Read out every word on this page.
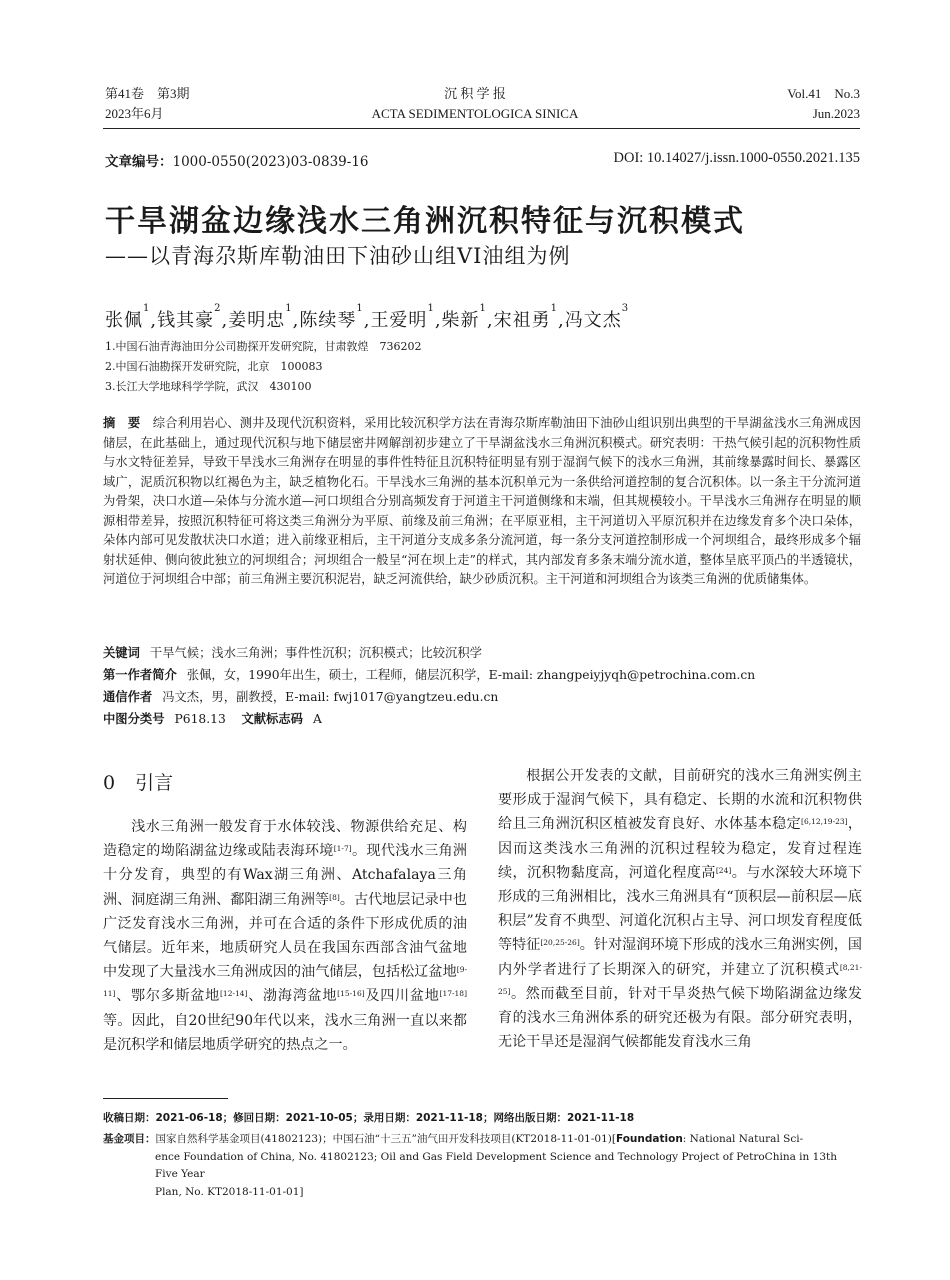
第41卷　第3期
2023年6月
沉 积 学 报
ACTA SEDIMENTOLOGICA SINICA
Vol.41　No.3
Jun.2023
文章编号：1000-0550(2023)03-0839-16	DOI: 10.14027/j.issn.1000-0550.2021.135
干旱湖盆边缘浅水三角洲沉积特征与沉积模式
——以青海尕斯库勒油田下油砂山组VI油组为例
张佩$^1$,钱其豪$^2$,姜明忠$^1$,陈续琴$^1$,王爱明$^1$,柴新$^1$,宋祖勇$^1$,冯文杰$^3$
1.中国石油青海油田分公司勘探开发研究院，甘肃敦煌　736202
2.中国石油勘探开发研究院，北京　100083
3.长江大学地球科学学院，武汉　430100
摘　要　 综合利用岩心、测井及现代沉积资料，采用比较沉积学方法在青海尕斯库勒油田下油砂山组识别出典型的干旱湖盆浅水三角洲成因储层，在此基础上，通过现代沉积与地下储层密井网解剖初步建立了干旱湖盆浅水三角洲沉积模式。研究表明：干热气候引起的沉积物性质与水文特征差异，导致干旱浅水三角洲存在明显的事件性特征且沉积特征明显有别于湿润气候下的浅水三角洲，其前缘暴露时间长、暴露区域广，泥质沉积物以红褐色为主，缺乏植物化石。干旱浅水三角洲的基本沉积单元为一条供给河道控制的复合沉积体。以一条主干分流河道为骨架，决口水道—朵体与分流水道—河口坝组合分别高频发育于河道主干河道侧缘和末端，但其规模较小。干旱浅水三角洲存在明显的顺源相带差异，按照沉积特征可将这类三角洲分为平原、前缘及前三角洲；在平原亚相，主干河道切入平原沉积并在边缘发育多个决口朵体，朵体内部可见发散状决口水道；进入前缘亚相后，主干河道分支成多条分流河道，每一条分支河道控制形成一个河坝组合，最终形成多个辐射状延伸、侧向彼此独立的河坝组合；河坝组合一般呈“河在坝上走”的样式，其内部发育多条末端分流水道，整体呈底平顶凸的半透镜状，河道位于河坝组合中部；前三角洲主要沉积泥岩，缺乏河流供给，缺少砂质沉积。主干河道和河坝组合为该类三角洲的优质储集体。
关键词 干旱气候；浅水三角洲；事件性沉积；沉积模式；比较沉积学
第一作者简介 张佩，女，1990年出生，硕士，工程师，储层沉积学，E-mail: zhangpeiyjyqh@petrochina.com.cn
通信作者 冯文杰，男，副教授，E-mail: fwj1017@yangtzeu.edu.cn
中图分类号 P618.13 文献标志码 A
0 引言
浅水三角洲一般发育于水体较浅、物源供给充足、构造稳定的坳陷湖盆边缘或陆表海环境[1-7]。现代浅水三角洲十分发育，典型的有Wax湖三角洲、Atchafalaya三角洲、洞庭湖三角洲、鄱阳湖三角洲等[8]。古代地层记录中也广泛发育浅水三角洲，并可在合适的条件下形成优质的油气储层。近年来，地质研究人员在我国东西部含油气盆地中发现了大量浅水三角洲成因的油气储层，包括松辽盆地[9-11]、鄂尔多斯盆地[12-14]、渤海湾盆地[15-16]及四川盆地[17-18]等。因此，自20世纪90年代以来，浅水三角洲一直以来都是沉积学和储层地质学研究的热点之一。
根据公开发表的文献，目前研究的浅水三角洲实例主要形成于湿润气候下，具有稳定、长期的水流和沉积物供给且三角洲沉积区植被发育良好、水体基本稳定[6,12,19-23]，因而这类浅水三角洲的沉积过程较为稳定，发育过程连续，沉积物黏度高，河道化程度高[24]。与水深较大环境下形成的三角洲相比，浅水三角洲具有“顶积层—前积层—底积层”发育不典型、河道化沉积占主导、河口坝发育程度低等特征[20,25-26]。针对湿润环境下形成的浅水三角洲实例，国内外学者进行了长期深入的研究，并建立了沉积模式[8,21-25]。然而截至目前，针对干旱炎热气候下坳陷湖盆边缘发育的浅水三角洲体系的研究还极为有限。部分研究表明，无论干旱还是湿润气候都能发育浅水三角
收稿日期：2021-06-18；修回日期：2021-10-05；录用日期：2021-11-18；网络出版日期：2021-11-18
基金项目：国家自然科学基金项目(41802123)；中国石油“十三五”油气田开发科技项目(KT2018-11-01-01)[Foundation: National Natural Sci-
ence Foundation of China, No. 41802123; Oil and Gas Field Development Science and Technology Project of PetroChina in 13th Five Year
Plan, No. KT2018-11-01-01]
